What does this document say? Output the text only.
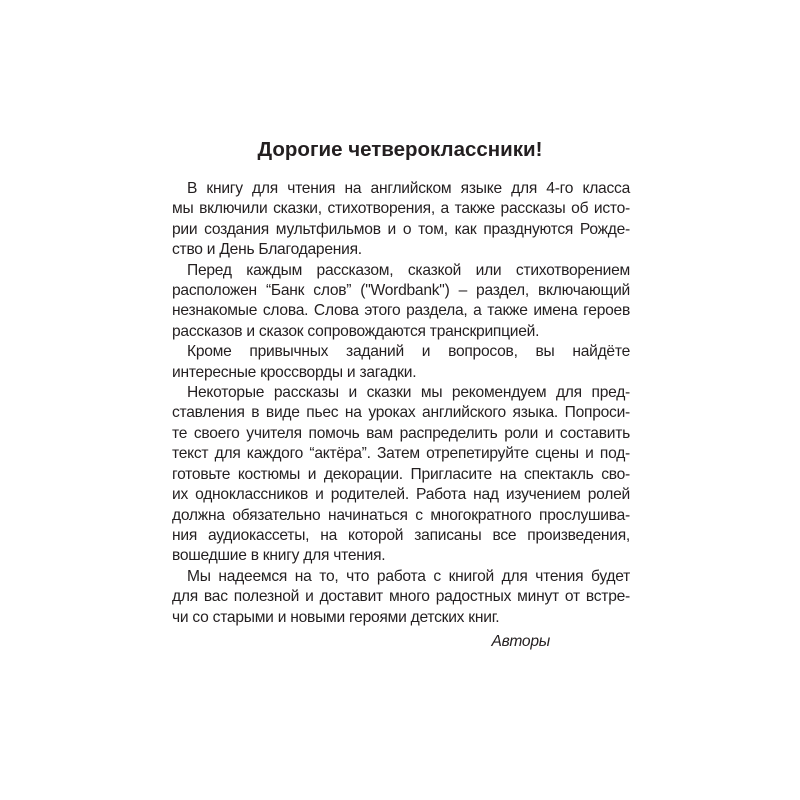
Дорогие четвероклассники!
В книгу для чтения на английском языке для 4-го класса
мы включили сказки, стихотворения, а также рассказы об исто-
рии создания мультфильмов и о том, как празднуются Рожде-
ство и День Благодарения.
Перед каждым рассказом, сказкой или стихотворением
расположен “Банк слов” ("Wordbank") – раздел, включающий
незнакомые слова. Слова этого раздела, а также имена героев
рассказов и сказок сопровождаются транскрипцией.
Кроме привычных заданий и вопросов, вы найдёте
интересные кроссворды и загадки.
Некоторые рассказы и сказки мы рекомендуем для пред-
ставления в виде пьес на уроках английского языка. Попроси-
те своего учителя помочь вам распределить роли и составить
текст для каждого “актёра”. Затем отрепетируйте сцены и под-
готовьте костюмы и декорации. Пригласите на спектакль сво-
их одноклассников и родителей. Работа над изучением ролей
должна обязательно начинаться с многократного прослушива-
ния аудиокассеты, на которой записаны все произведения,
вошедшие в книгу для чтения.
Мы надеемся на то, что работа с книгой для чтения будет
для вас полезной и доставит много радостных минут от встре-
чи со старыми и новыми героями детских книг.
Авторы
